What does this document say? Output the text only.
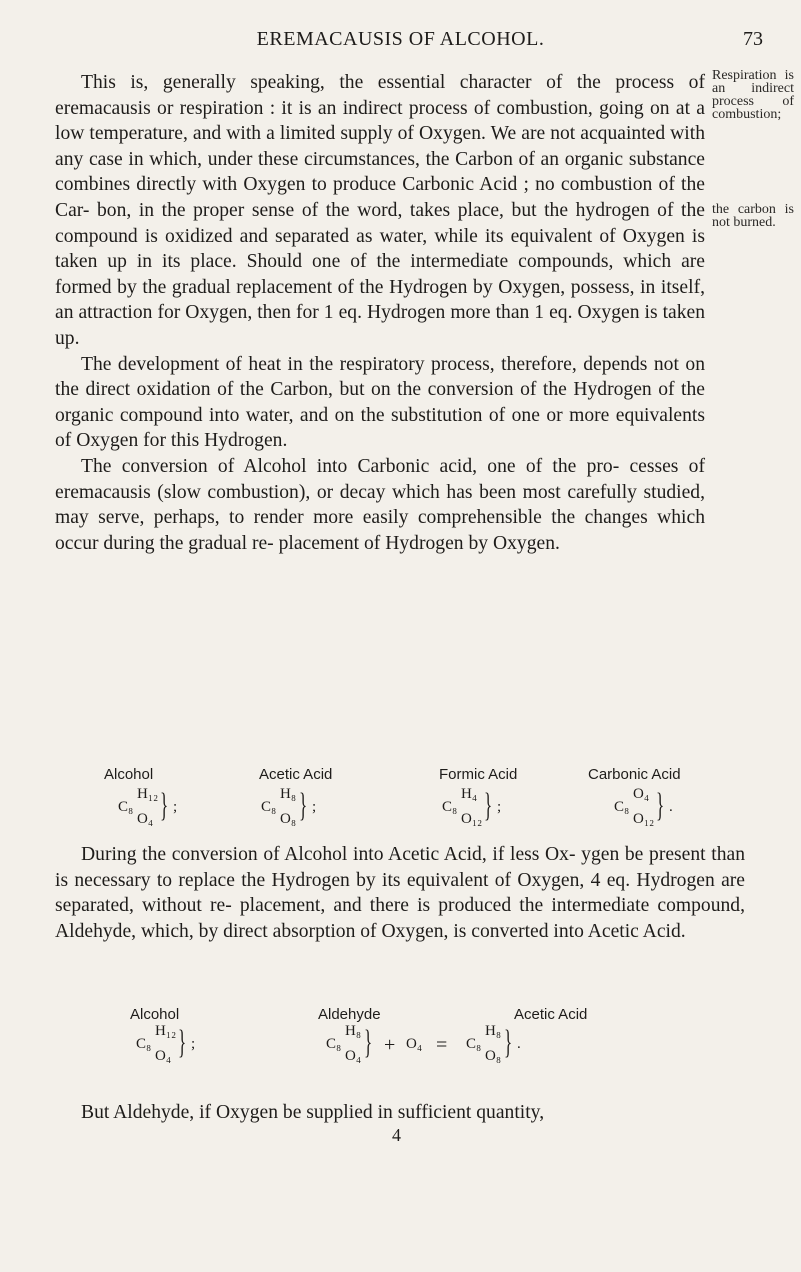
EREMACAUSIS OF ALCOHOL.	73
Respiration is an indirect process of combustion;
the carbon is not burned.

This is, generally speaking, the essential character of the process of eremacausis or respiration : it is an indirect process of combustion, going on at a low temperature, and with a limited supply of Oxygen. We are not acquainted with any case in which, under these circumstances, the Carbon of an organic substance combines directly with Oxygen to produce Carbonic Acid ; no combustion of the Car- bon, in the proper sense of the word, takes place, but the hydrogen of the compound is oxidized and separated as water, while its equivalent of Oxygen is taken up in its place. Should one of the intermediate compounds, which are formed by the gradual replacement of the Hydrogen by Oxygen, possess, in itself, an attraction for Oxygen, then for 1 eq. Hydrogen more than 1 eq. Oxygen is taken up.

The development of heat in the respiratory process, therefore, depends not on the direct oxidation of the Carbon, but on the conversion of the Hydrogen of the organic compound into water, and on the substitution of one or more equivalents of Oxygen for this Hydrogen.

The conversion of Alcohol into Carbonic acid, one of the pro- cesses of eremacausis (slow combustion), or decay which has been most carefully studied, may serve, perhaps, to render more easily comprehensible the changes which occur during the gradual re- placement of Hydrogen by Oxygen.

Alcohol	Acetic Acid	Formic Acid	Carbonic Acid
C₈
H₁₂
O₄ } ;	C₈
H₈
O₈ } ;	C₈
H₄
O₁₂ } ;	C₈
O₄
O₁₂ } .

During the conversion of Alcohol into Acetic Acid, if less Ox- ygen be present than is necessary to replace the Hydrogen by its equivalent of Oxygen, 4 eq. Hydrogen are separated, without re- placement, and there is produced the intermediate compound, Aldehyde, which, by direct absorption of Oxygen, is converted into Acetic Acid.

Alcohol	Aldehyde	Acetic Acid
C₈
H₁₂
O₄ } ;	C₈
H₈
O₄ } + O₄ = C₈
H₈
O₈ } .

But Aldehyde, if Oxygen be supplied in sufficient quantity,

4
